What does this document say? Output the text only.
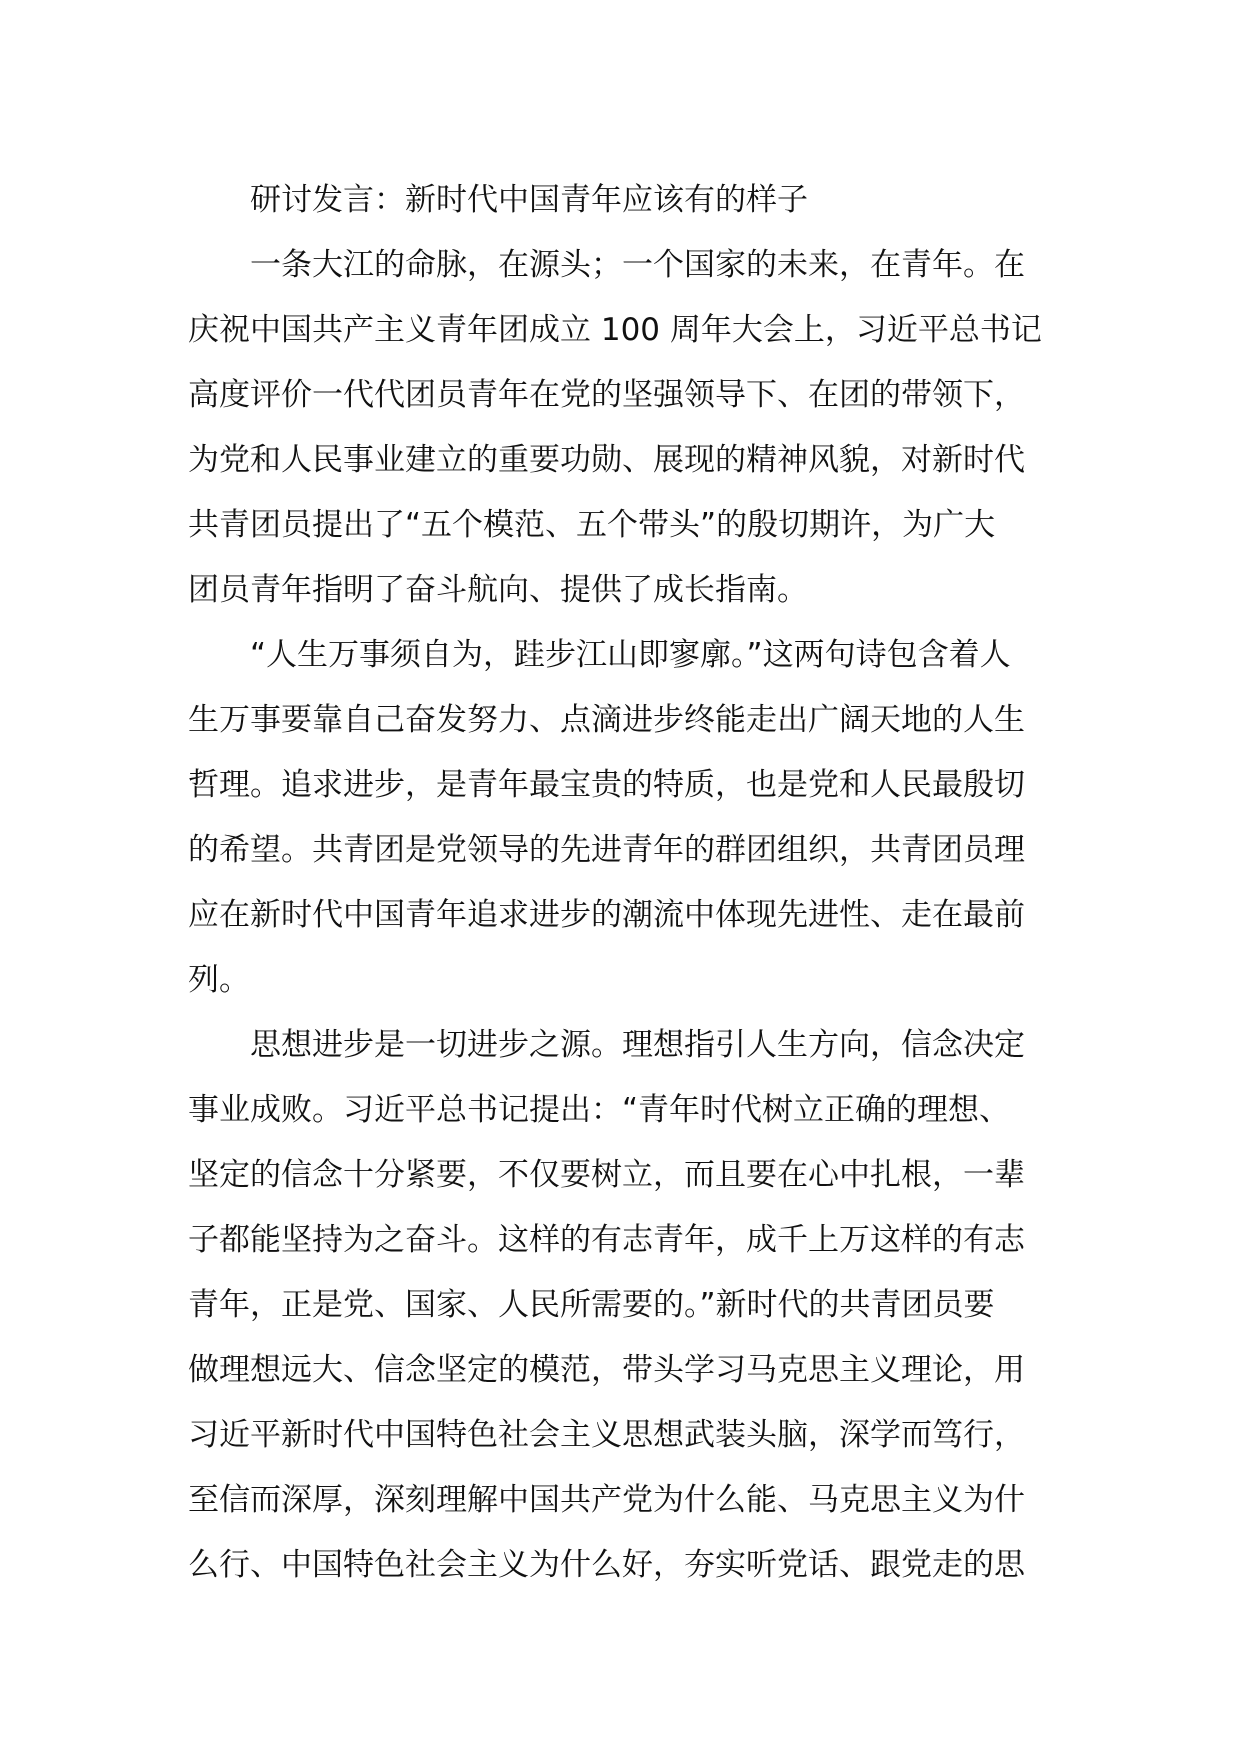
研讨发言：新时代中国青年应该有的样子
一条大江的命脉，在源头；一个国家的未来，在青年。在
庆祝中国共产主义青年团成立 100 周年大会上，习近平总书记
高度评价一代代团员青年在党的坚强领导下、在团的带领下，
为党和人民事业建立的重要功勋、展现的精神风貌，对新时代
共青团员提出了“五个模范、五个带头”的殷切期许，为广大
团员青年指明了奋斗航向、提供了成长指南。
“人生万事须自为，跬步江山即寥廓。”这两句诗包含着人
生万事要靠自己奋发努力、点滴进步终能走出广阔天地的人生
哲理。追求进步，是青年最宝贵的特质，也是党和人民最殷切
的希望。共青团是党领导的先进青年的群团组织，共青团员理
应在新时代中国青年追求进步的潮流中体现先进性、走在最前
列。
思想进步是一切进步之源。理想指引人生方向，信念决定
事业成败。习近平总书记提出：“青年时代树立正确的理想、
坚定的信念十分紧要，不仅要树立，而且要在心中扎根，一辈
子都能坚持为之奋斗。这样的有志青年，成千上万这样的有志
青年，正是党、国家、人民所需要的。”新时代的共青团员要
做理想远大、信念坚定的模范，带头学习马克思主义理论，用
习近平新时代中国特色社会主义思想武装头脑，深学而笃行，
至信而深厚，深刻理解中国共产党为什么能、马克思主义为什
么行、中国特色社会主义为什么好，夯实听党话、跟党走的思
